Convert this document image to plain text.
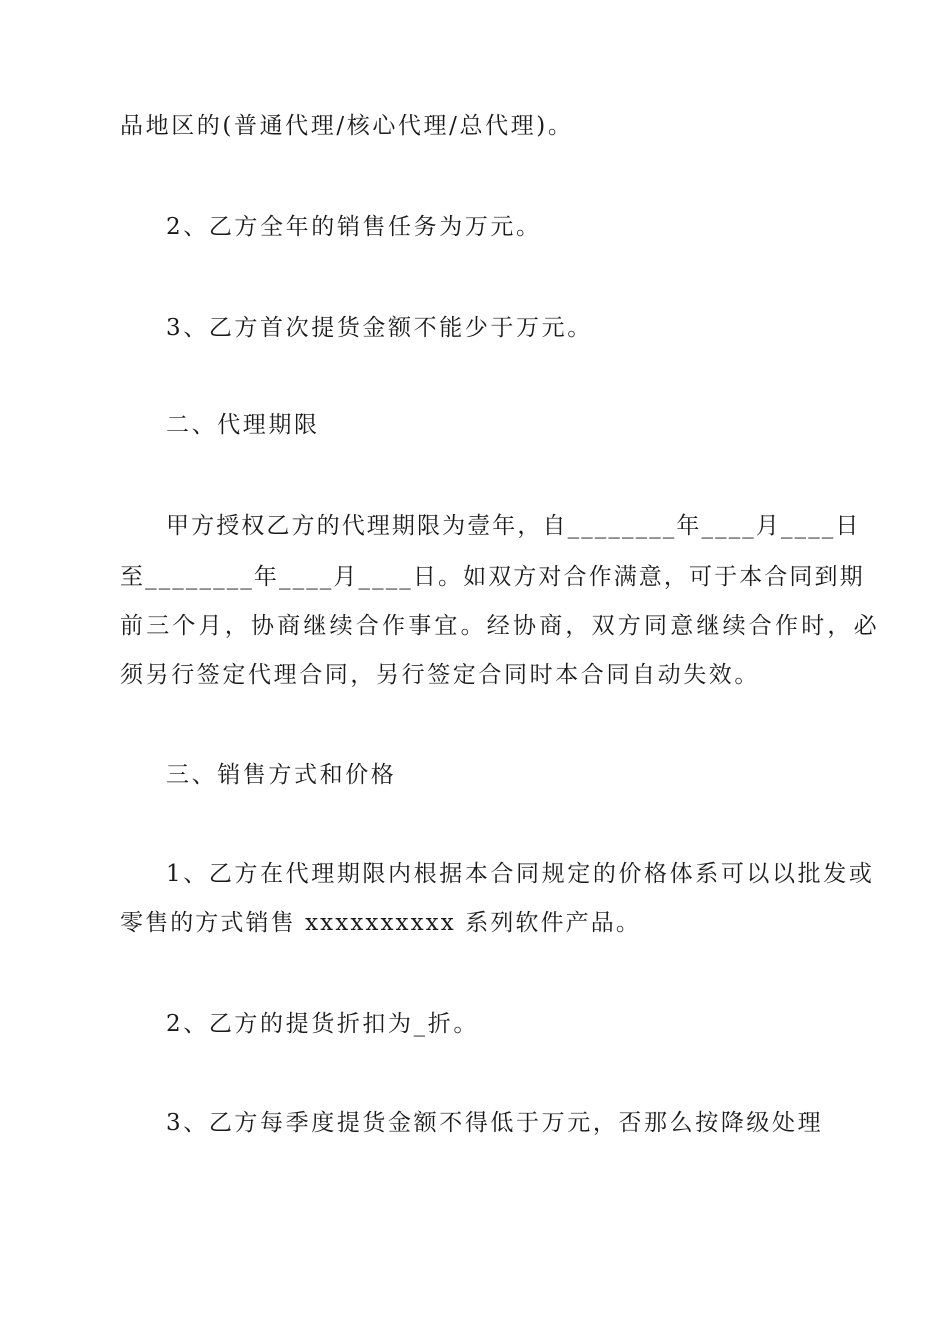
品地区的(普通代理/核心代理/总代理)。
2、乙方全年的销售任务为万元。
3、乙方首次提货金额不能少于万元。
二、代理期限
甲方授权乙方的代理期限为壹年，自________年____月____日
至________年____月____日。如双方对合作满意，可于本合同到期
前三个月，协商继续合作事宜。经协商，双方同意继续合作时，必
须另行签定代理合同，另行签定合同时本合同自动失效。
三、销售方式和价格
1、乙方在代理期限内根据本合同规定的价格体系可以以批发或
零售的方式销售 xxxxxxxxxx 系列软件产品。
2、乙方的提货折扣为_折。
3、乙方每季度提货金额不得低于万元，否那么按降级处理
